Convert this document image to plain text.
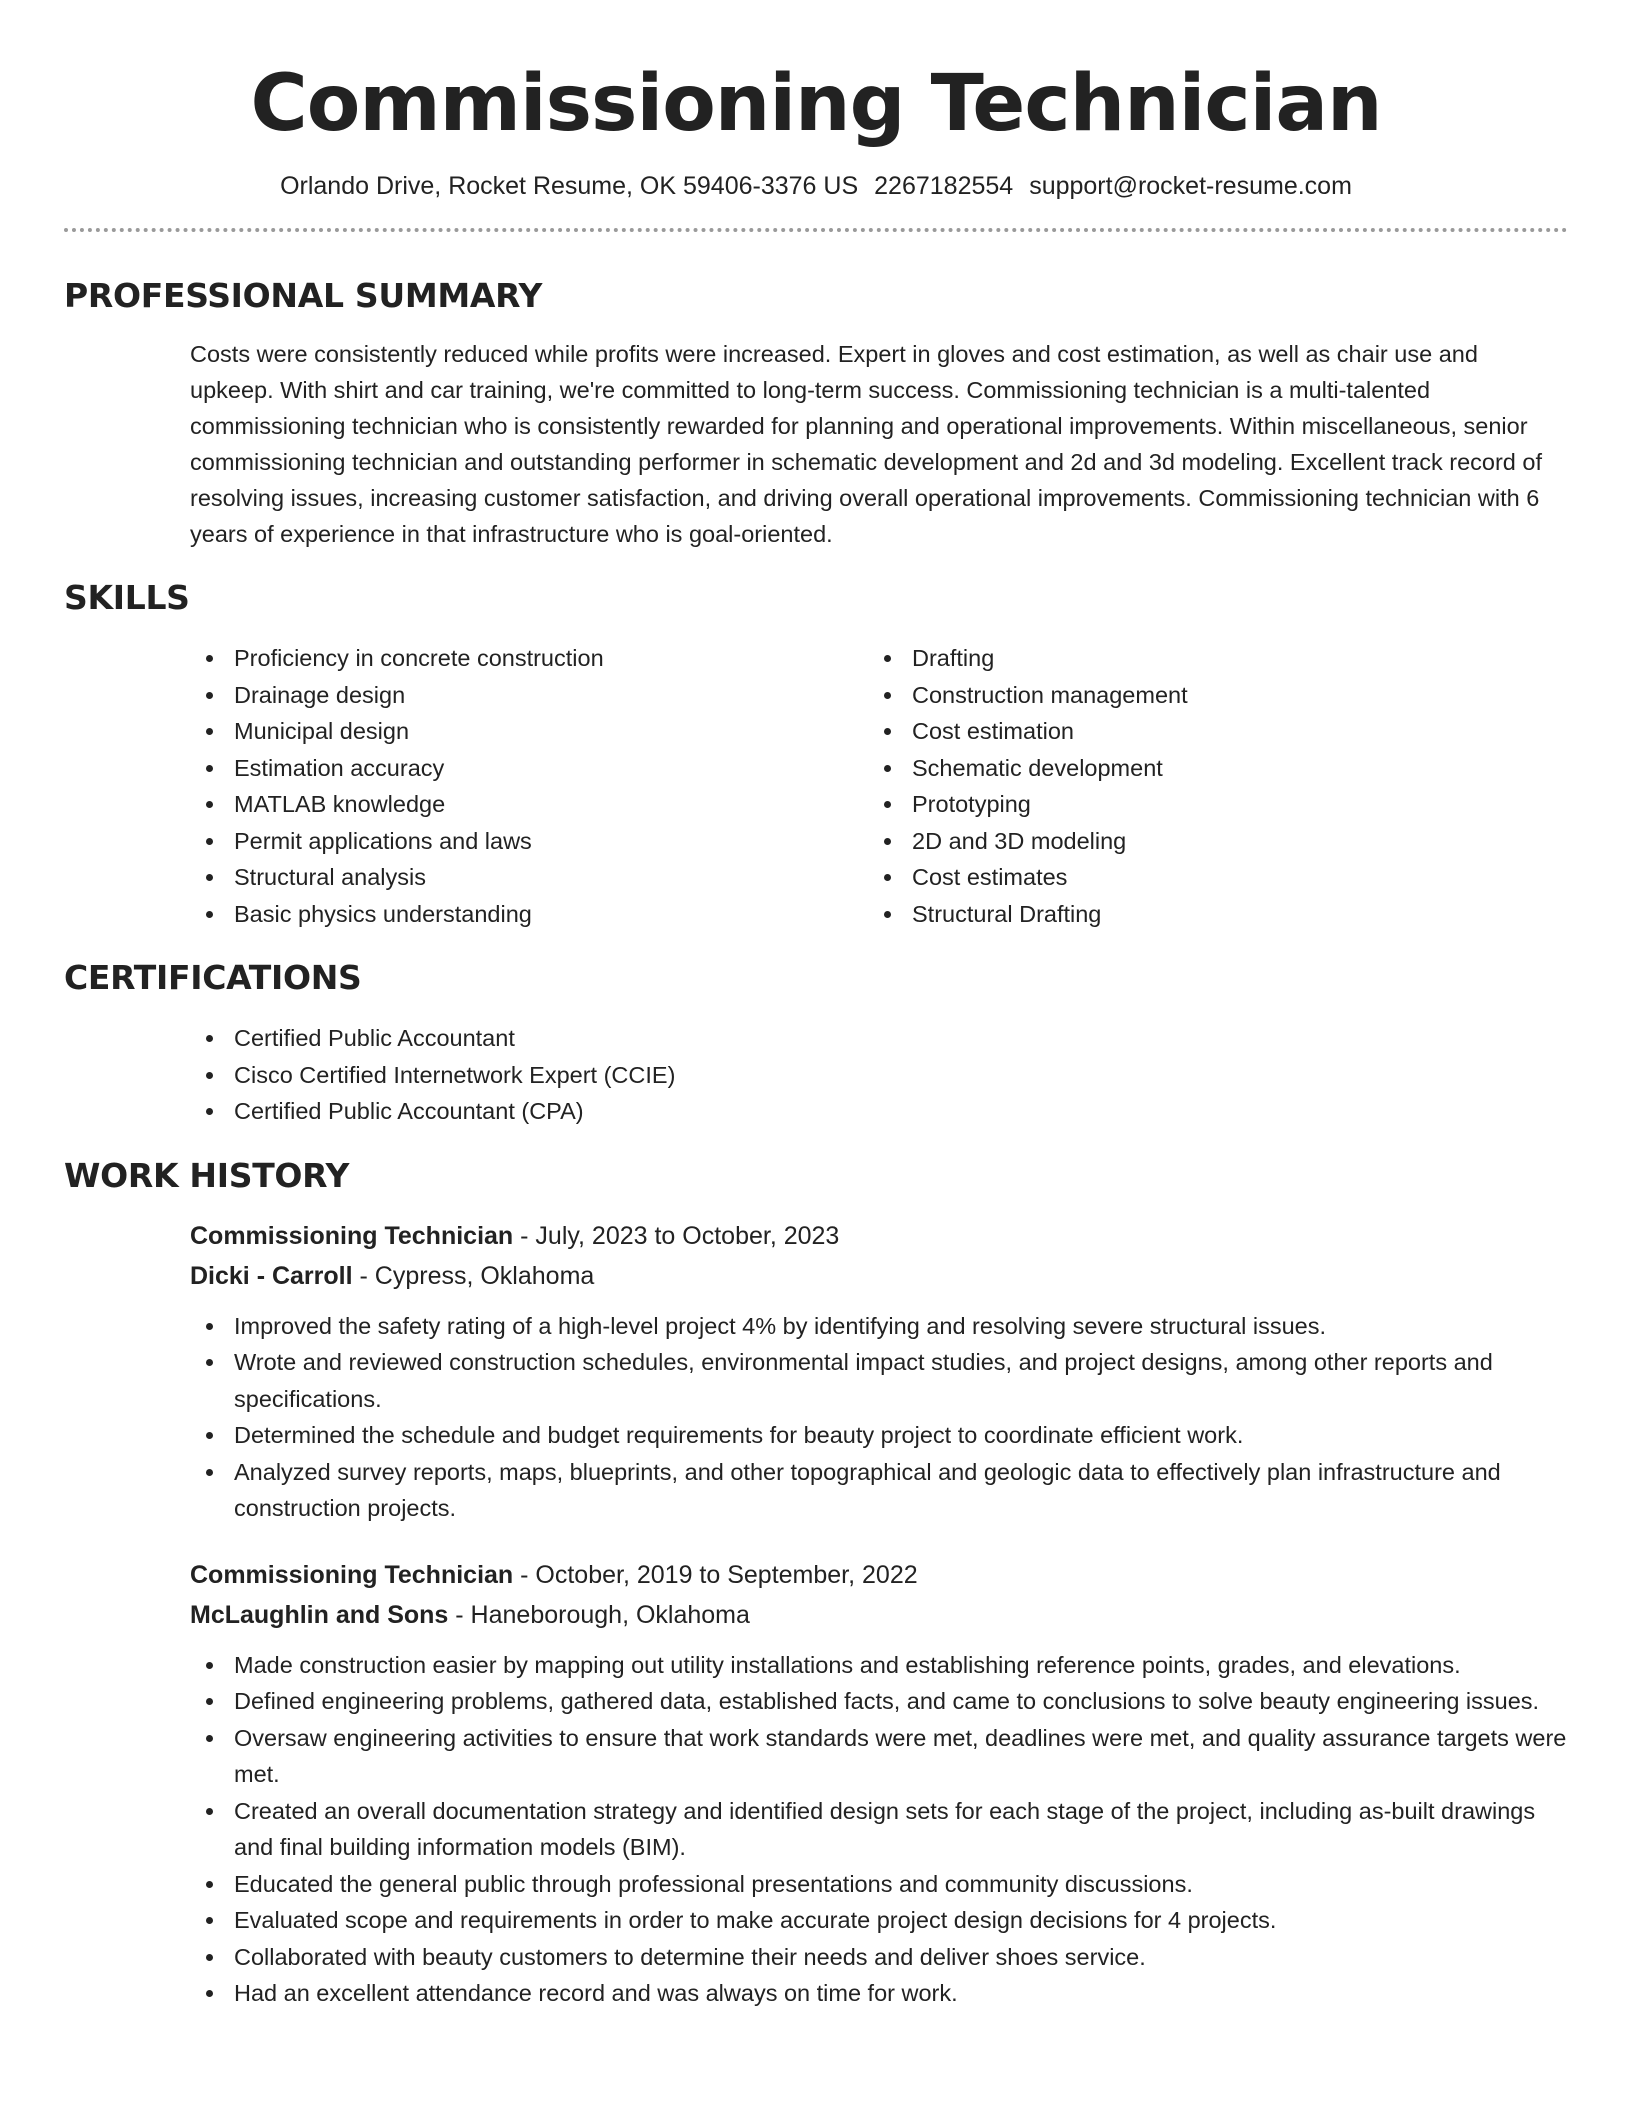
Commissioning Technician
Orlando Drive, Rocket Resume, OK 59406-3376 US 2267182554 support@rocket-resume.com
PROFESSIONAL SUMMARY

Costs were consistently reduced while profits were increased. Expert in gloves and cost estimation, as well as chair use and upkeep. With shirt and car training, we're committed to long-term success. Commissioning technician is a multi-talented commissioning technician who is consistently rewarded for planning and operational improvements. Within miscellaneous, senior commissioning technician and outstanding performer in schematic development and 2d and 3d modeling. Excellent track record of resolving issues, increasing customer satisfaction, and driving overall operational improvements. Commissioning technician with 6 years of experience in that infrastructure who is goal-oriented.

SKILLS
Proficiency in concrete construction
Drainage design
Municipal design
Estimation accuracy
MATLAB knowledge
Permit applications and laws
Structural analysis
Basic physics understanding
Drafting
Construction management
Cost estimation
Schematic development
Prototyping
2D and 3D modeling
Cost estimates
Structural Drafting
CERTIFICATIONS
Certified Public Accountant
Cisco Certified Internetwork Expert (CCIE)
Certified Public Accountant (CPA)
WORK HISTORY
Commissioning Technician - July, 2023 to October, 2023
Dicki - Carroll - Cypress, Oklahoma
Improved the safety rating of a high-level project 4% by identifying and resolving severe structural issues.
Wrote and reviewed construction schedules, environmental impact studies, and project designs, among other reports and specifications.
Determined the schedule and budget requirements for beauty project to coordinate efficient work.
Analyzed survey reports, maps, blueprints, and other topographical and geologic data to effectively plan infrastructure and construction projects.
Commissioning Technician - October, 2019 to September, 2022
McLaughlin and Sons - Haneborough, Oklahoma
Made construction easier by mapping out utility installations and establishing reference points, grades, and elevations.
Defined engineering problems, gathered data, established facts, and came to conclusions to solve beauty engineering issues.
Oversaw engineering activities to ensure that work standards were met, deadlines were met, and quality assurance targets were met.
Created an overall documentation strategy and identified design sets for each stage of the project, including as-built drawings and final building information models (BIM).
Educated the general public through professional presentations and community discussions.
Evaluated scope and requirements in order to make accurate project design decisions for 4 projects.
Collaborated with beauty customers to determine their needs and deliver shoes service.
Had an excellent attendance record and was always on time for work.
